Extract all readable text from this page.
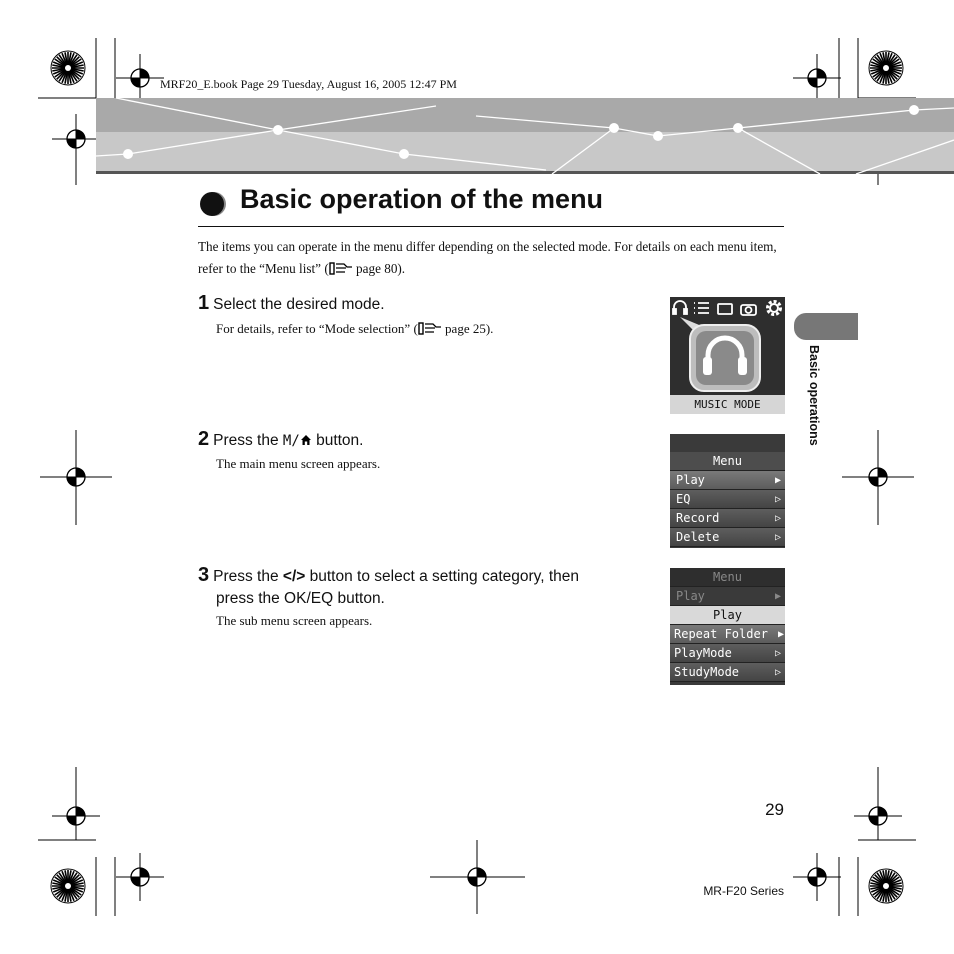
MRF20_E.book Page 29 Tuesday, August 16, 2005 12:47 PM
Basic operation of the menu
The items you can operate in the menu differ depending on the selected mode. For details on each menu item, refer to the “Menu list” ( page 80).
1 Select the desired mode.
For details, refer to “Mode selection” ( page 25).
2 Press the M/ button.
The main menu screen appears.
3 Press the </> button to select a setting category, then
press the OK/EQ button.
The sub menu screen appears.
MUSIC MODE
Menu
Play	▶
EQ	▷
Record	▷
Delete	▷
Menu
Play	▶
Play
Repeat Folder ▶
PlayMode	▷
StudyMode	▷
Basic operations
29
MR-F20 Series
